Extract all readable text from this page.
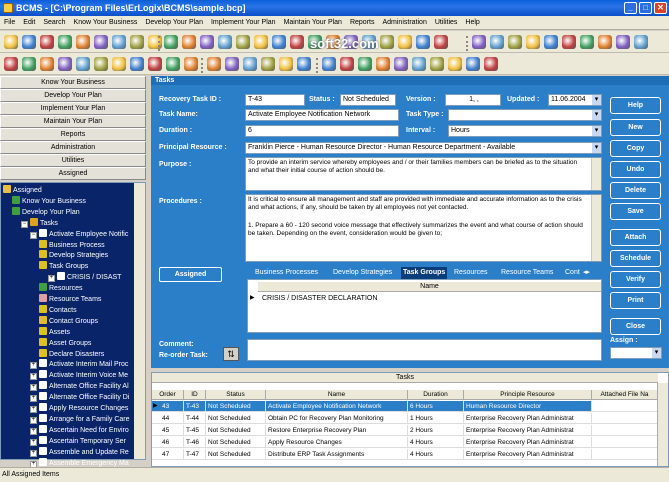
BCMS - [C:\Program Files\ErLogix\BCMS\sample.bcp]	_	□	✕
File Edit Search Know Your Business Develop Your Plan Implement Your Plan Maintain Your Plan Reports Administration Utilities Help
soft32.com
Know Your Business
Develop Your Plan
Implement Your Plan
Maintain Your Plan
Reports
Administration
Utilities
Assigned
Assigned
Know Your Business
Develop Your Plan
− Tasks
− Activate Employee Notific
Business Process
Develop Strategies
Task Groups
+ CRISIS / DISAST
Resources
Resource Teams
Contacts
Contact Groups
Assets
Asset Groups
Declare Disasters
+ Activate Interim Mail Proc
+ Activate Interim Voice Me
+ Alternate Office Facility Al
+ Alternate Office Facility Di
+ Apply Resource Changes
+ Arrange for a Family Care
+ Ascertain Need for Enviro
+ Ascertain Temporary Ser
+ Assemble and Update Re
+ Assemble Emergency Ma
Tasks
Recovery Task ID :	T-43	Status :	Not Scheduled	Version :	1, ,	Updated :	11.06.2004 ▾
Task Name:	Activate Employee Notification Network	Task Type :
▾
Duration :	6	Interval :	Hours ▾
Principal Resource :	Franklin Pierce - Human Resource Director - Human Resource Department - Available ▾
Purpose :	To provide an interim service whereby employees and / or their families members can be briefed as to the situation and what their initial course of action should be.
Procedures :	It is critical to ensure all management and staff are provided with immediate and accurate information as to the crisis and what actions, if any, should be taken by all employees not yet contacted.
1. Prepare a 60 - 120 second voice message that effectively summarizes the event and what course of action should be taken. Depending on the event, consideration would be given to;
Assigned	Business Processes Develop Strategies Task Groups Resources Resource Teams Cont ◂▸
Name
▶ CRISIS / DISASTER DECLARATION
Comment:
Re-order Task:	⇅
Assign :
▾
Help
New
Copy
Undo
Delete
Save
Attach
Schedule
Verify
Print
Close
Tasks
Order	ID	Status	Name	Duration	Principle Resource	Attached File Na
43	T-43	Not Scheduled	Activate Employee Notification Network	6 Hours	Human Resource Director
44	T-44	Not Scheduled	Obtain PC for Recovery Plan Monitoring	1 Hours	Enterprise Recovery Plan Administrat
45	T-45	Not Scheduled	Restore Enterprise Recovery Plan	2 Hours	Enterprise Recovery Plan Administrat
46	T-46	Not Scheduled	Apply Resource Changes	4 Hours	Enterprise Recovery Plan Administrat
47	T-47	Not Scheduled	Distribute ERP Task Assignments	4 Hours	Enterprise Recovery Plan Administrat
▶
All Assigned Items
